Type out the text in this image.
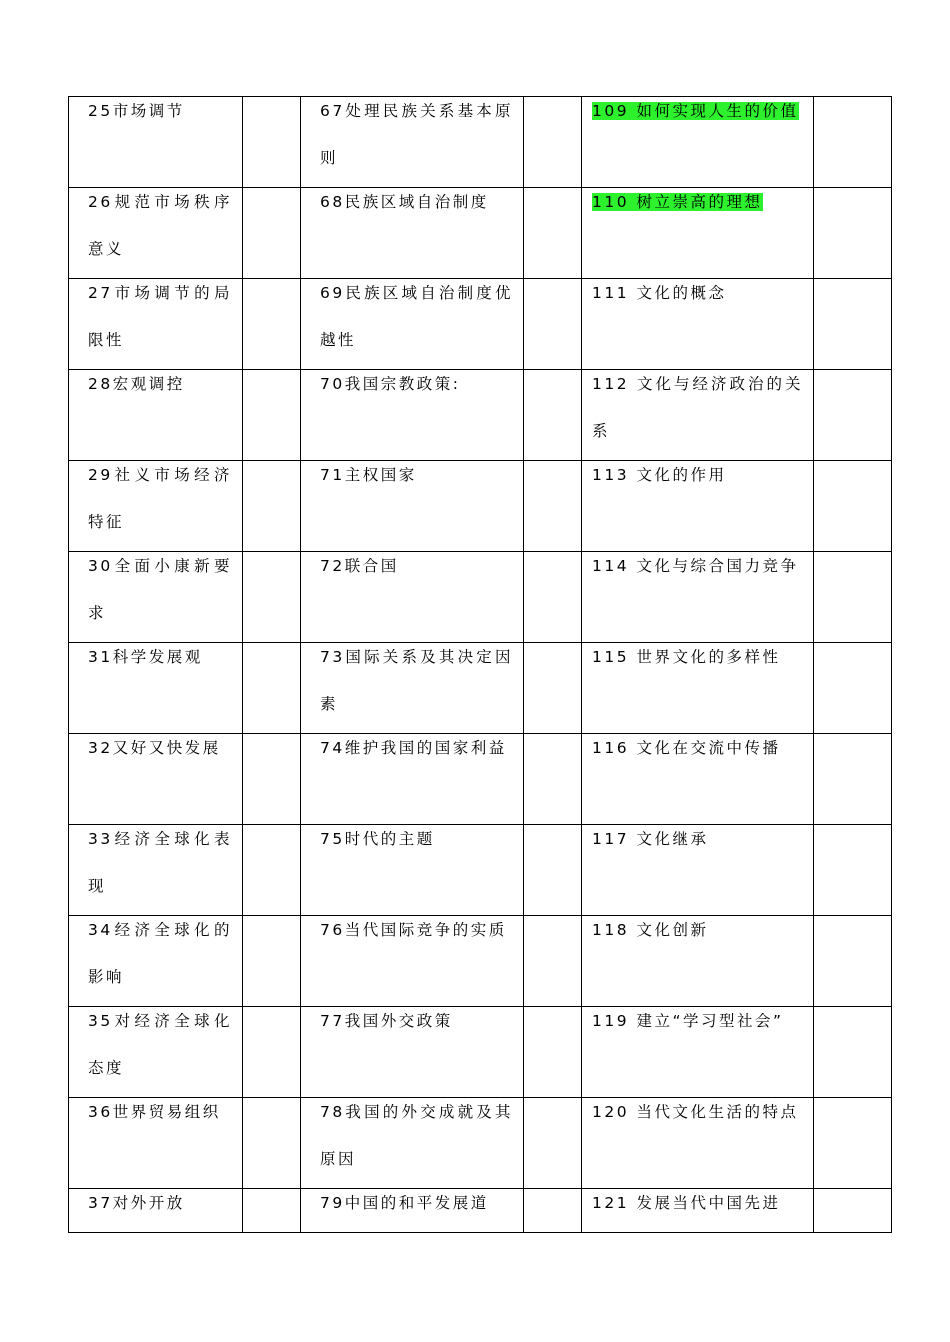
25市场调节		67处理民族关系基本原则		109 如何实现人生的价值	

26规范市场秩序意义		68民族区域自治制度		110 树立崇高的理想	

27市场调节的局限性		69民族区域自治制度优越性		111 文化的概念	

28宏观调控		70我国宗教政策:		112 文化与经济政治的关系	

29社义市场经济特征		71主权国家		113 文化的作用	

30全面小康新要求		72联合国		114 文化与综合国力竞争	

31科学发展观		73国际关系及其决定因素		115 世界文化的多样性	

32又好又快发展		74维护我国的国家利益		116 文化在交流中传播	

33经济全球化表现		75时代的主题		117 文化继承	

34经济全球化的影响		76当代国际竞争的实质		118 文化创新	

35对经济全球化态度		77我国外交政策		119 建立“学习型社会”	

36世界贸易组织		78我国的外交成就及其原因		120 当代文化生活的特点	

37对外开放		79中国的和平发展道		121 发展当代中国先进	
